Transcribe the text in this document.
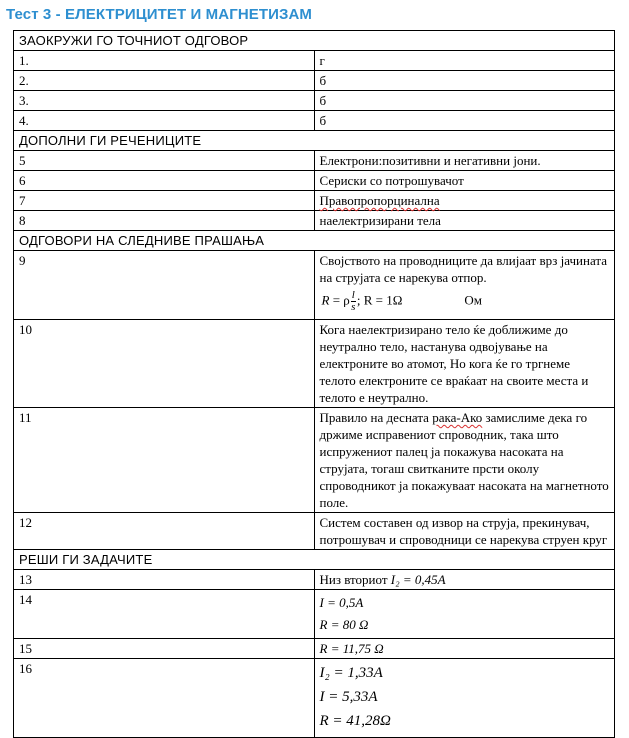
Тест 3 - ЕЛЕКТРИЦИТЕТ И МАГНЕТИЗАМ
ЗАОКРУЖИ ГО ТОЧНИОТ ОДГОВОР	
1.	г
2.	б
3.	б
4.	б
ДОПОЛНИ ГИ РЕЧЕНИЦИТЕ	
5	Електрони:позитивни и негативни јони.
6	Сериски со потрошувачот
7	Правопропорцинална
8	наелектризирани тела
ОДГОВОРИ НА СЛЕДНИВЕ ПРАШАЊА	
9	Својството на проводниците да влијаат врз јачината на струјата се нарекува отпор.
R = ρ $\frac{l}{s}$ ; R = 1Ω Ом

10	Кога наелектризирано тело ќе доближиме до неутрално тело, настанува одвојување на електроните во атомот, Но кога ќе го тргнеме телото електроните се враќаат на своите места и телото е неутрално.
11	Правило на десната рака-Ако замислиме дека го држиме исправениот спроводник, така што испружениот палец ја покажува насоката на струјата, тогаш свитканите прсти околу спроводникот ја покажуваат насоката на магнетното поле.
12	Систем составен од извор на струја, прекинувач, потрошувач и спроводници се нарекува струен круг
РЕШИ ГИ ЗАДАЧИТЕ	
13	Низ вториот I₂ = 0,45A
14	I = 0,5A
R = 80 Ω

15	R = 11,75 Ω
16	I₂ = 1,33A
I = 5,33A
R = 41,28Ω
